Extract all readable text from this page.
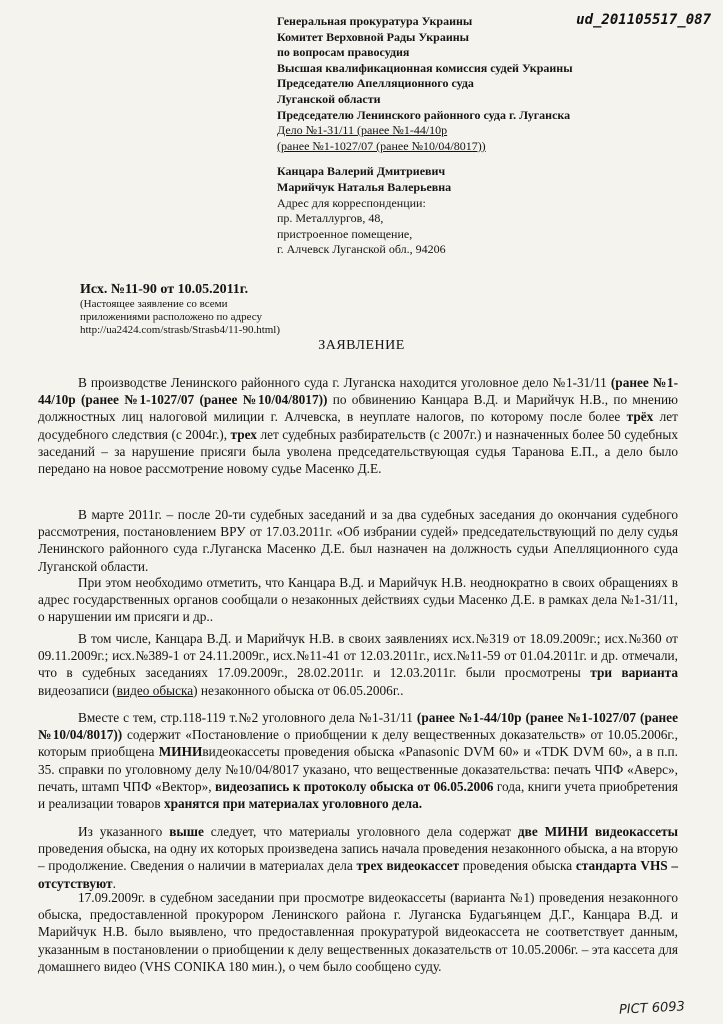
ud_201105517_087
Генеральная прокуратура Украины
Комитет Верховной Рады Украины
по вопросам правосудия
Высшая квалификационная комиссия судей Украины
Председателю Апелляционного суда
Луганской области
Председателю Ленинского районного суда г. Луганска
Дело №1-31/11 (ранее №1-44/10р
(ранее №1-1027/07 (ранее №10/04/8017))
Канцара Валерий Дмитриевич
Марийчук Наталья Валерьевна
Адрес для корреспонденции:
пр. Металлургов, 48,
пристроенное помещение,
г. Алчевск Луганской обл., 94206
Исх. №11-90 от 10.05.2011г.
(Настоящее заявление со всеми
приложениями расположено по адресу
http://ua2424.com/strasb/Strasb4/11-90.html)
ЗАЯВЛЕНИЕ

В производстве Ленинского районного суда г. Луганска находится уголовное дело №1-31/11 (ранее №1-44/10р (ранее №1-1027/07 (ранее №10/04/8017)) по обвинению Канцара В.Д. и Марийчук Н.В., по мнению должностных лиц налоговой милиции г. Алчевска, в неуплате налогов, по которому после более трёх лет досудебного следствия (с 2004г.), трех лет судебных разбирательств (с 2007г.) и назначенных более 50 судебных заседаний – за нарушение присяги была уволена председательствующая судья Таранова Е.П., а дело было передано на новое рассмотрение новому судье Масенко Д.Е.

В марте 2011г. – после 20-ти судебных заседаний и за два судебных заседания до окончания судебного рассмотрения, постановлением ВРУ от 17.03.2011г. «Об избрании судей» председательствующий по делу судья Ленинского районного суда г.Луганска Масенко Д.Е. был назначен на должность судьи Апелляционного суда Луганской области.

При этом необходимо отметить, что Канцара В.Д. и Марийчук Н.В. неоднократно в своих обращениях в адрес государственных органов сообщали о незаконных действиях судьи Масенко Д.Е. в рамках дела №1-31/11, о нарушении им присяги и др..

В том числе, Канцара В.Д. и Марийчук Н.В. в своих заявлениях исх.№319 от 18.09.2009г.; исх.№360 от 09.11.2009г.; исх.№389-1 от 24.11.2009г., исх.№11-41 от 12.03.2011г., исх.№11-59 от 01.04.2011г. и др. отмечали, что в судебных заседаниях 17.09.2009г., 28.02.2011г. и 12.03.2011г. были просмотрены три варианта видеозаписи (видео обыска) незаконного обыска от 06.05.2006г..

Вместе с тем, стр.118-119 т.№2 уголовного дела №1-31/11 (ранее №1-44/10р (ранее №1-1027/07 (ранее №10/04/8017)) содержит «Постановление о приобщении к делу вещественных доказательств» от 10.05.2006г., которым приобщена МИНИвидеокассеты проведения обыска «Panasonic DVM 60» и «TDK DVM 60», а в п.п. 35. справки по уголовному делу №10/04/8017 указано, что вещественные доказательства: печать ЧПФ «Аверс», печать, штамп ЧПФ «Вектор», видеозапись к протоколу обыска от 06.05.2006 года, книги учета приобретения и реализации товаров хранятся при материалах уголовного дела.

Из указанного выше следует, что материалы уголовного дела содержат две МИНИ видеокассеты проведения обыска, на одну их которых произведена запись начала проведения незаконного обыска, а на вторую – продолжение. Сведения о наличии в материалах дела трех видеокассет проведения обыска стандарта VHS – отсутствуют.

17.09.2009г. в судебном заседании при просмотре видеокассеты (варианта №1) проведения незаконного обыска, предоставленной прокурором Ленинского района г. Луганска Будагьянцем Д.Г., Канцара В.Д. и Марийчук Н.В. было выявлено, что предоставленная прокуратурой видеокассета не соответствует данным, указанным в постановлении о приобщении к делу вещественных доказательств от 10.05.2006г. – эта кассета для домашнего видео (VHS CONIKA 180 мин.), о чем было сообщено суду.

РІСТ 6093
